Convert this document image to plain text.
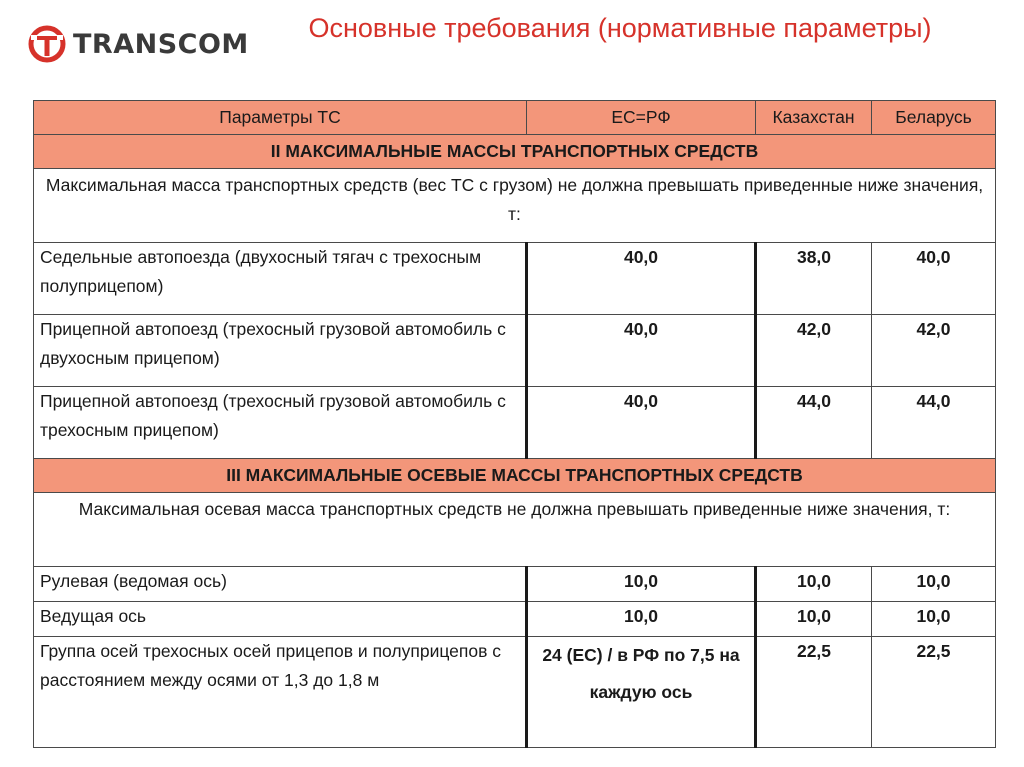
TRANSCOM
Основные требования (нормативные параметры)
Параметры ТС	ЕС=РФ	Казахстан	Беларусь
II МАКСИМАЛЬНЫЕ МАССЫ ТРАНСПОРТНЫХ СРЕДСТВ			
Максимальная масса транспортных средств (вес ТС с грузом) не должна превышать приведенные ниже значения, т:			
Седельные автопоезда (двухосный тягач с трехосным полуприцепом)	40,0	38,0	40,0
Прицепной автопоезд (трехосный грузовой автомобиль с двухосным прицепом)	40,0	42,0	42,0
Прицепной автопоезд (трехосный грузовой автомобиль с трехосным прицепом)	40,0	44,0	44,0
III МАКСИМАЛЬНЫЕ ОСЕВЫЕ МАССЫ ТРАНСПОРТНЫХ СРЕДСТВ			
Максимальная осевая масса транспортных средств не должна превышать приведенные ниже значения, т:			
Рулевая (ведомая ось)	10,0	10,0	10,0
Ведущая ось	10,0	10,0	10,0
Группа осей трехосных осей прицепов и полуприцепов с расстоянием между осями от 1,3 до 1,8 м	24 (ЕС) / в РФ по 7,5 на каждую ось	22,5	22,5
